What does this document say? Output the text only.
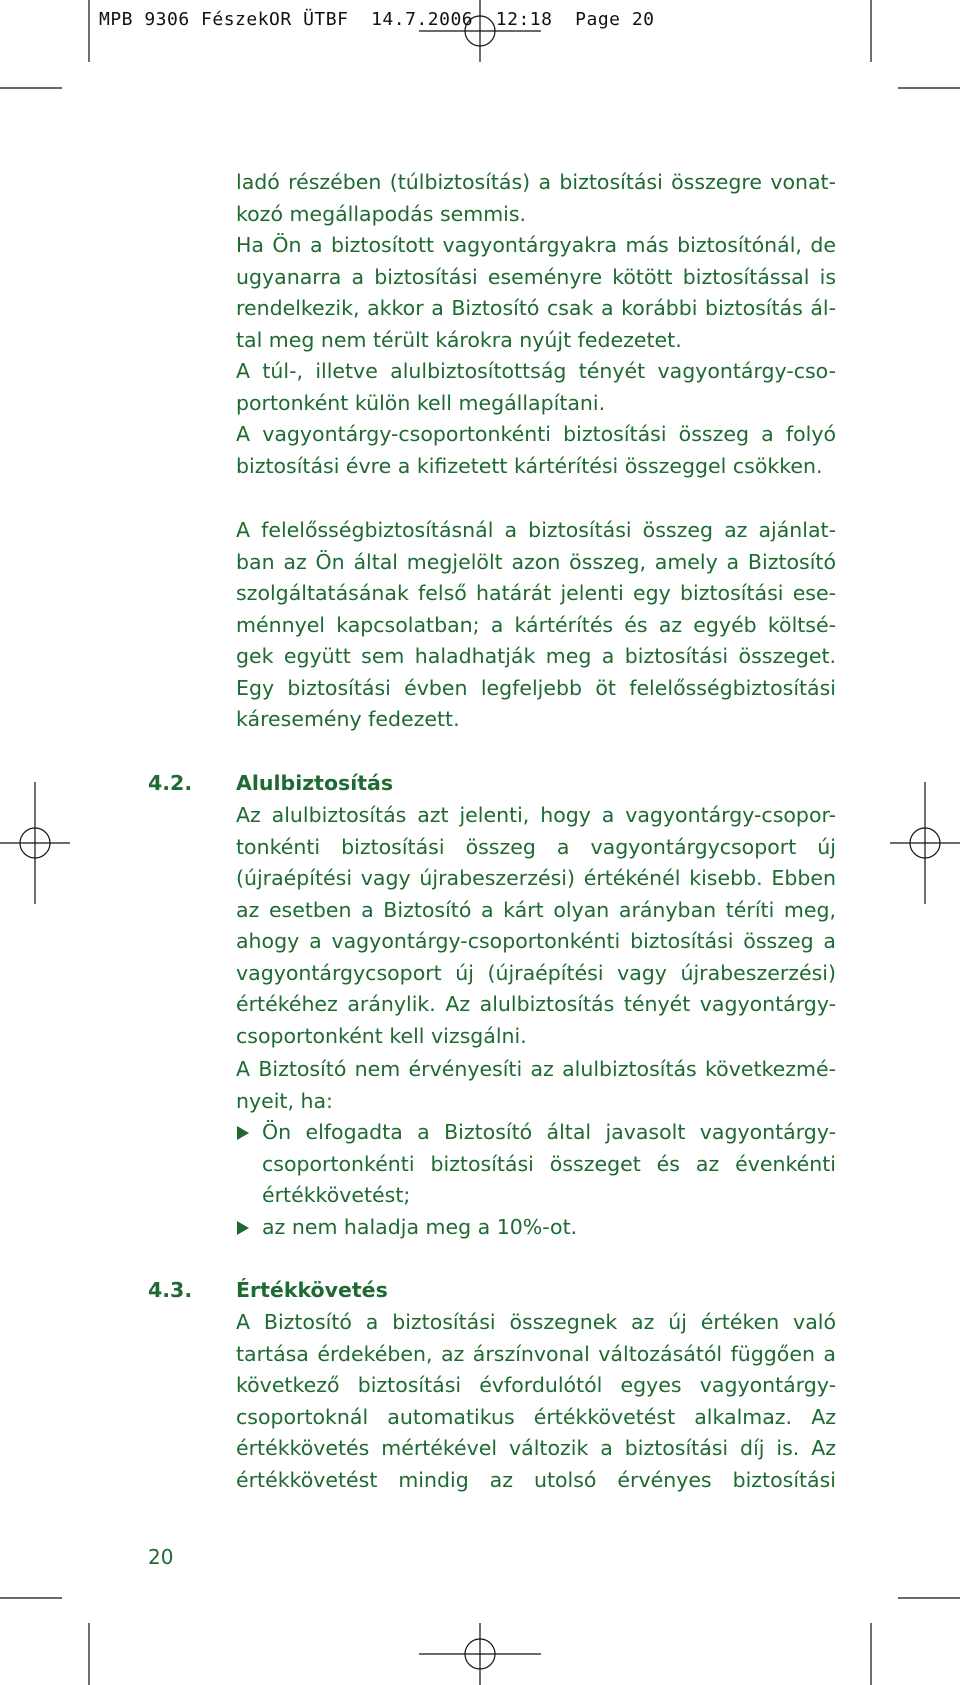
MPB 9306 FészekOR ÜTBF  14.7.2006  12:18  Page 20
ladó részében (túlbiztosítás) a biztosítási összegre vonat-
kozó megállapodás semmis.
Ha Ön a biztosított vagyontárgyakra más biztosítónál, de
ugyanarra a biztosítási eseményre kötött biztosítással is
rendelkezik, akkor a Biztosító csak a korábbi biztosítás ál-
tal meg nem térült károkra nyújt fedezetet.
A túl-, illetve alulbiztosítottság tényét vagyontárgy-cso-
portonként külön kell megállapítani.
A vagyontárgy-csoportonkénti biztosítási összeg a folyó
biztosítási évre a kifizetett kártérítési összeggel csökken.
A felelősségbiztosításnál a biztosítási összeg az ajánlat-
ban az Ön által megjelölt azon összeg, amely a Biztosító
szolgáltatásának felső határát jelenti egy biztosítási ese-
ménnyel kapcsolatban; a kártérítés és az egyéb költsé-
gek együtt sem haladhatják meg a biztosítási összeget.
Egy biztosítási évben legfeljebb öt felelősségbiztosítási
káresemény fedezett.
4.2. Alulbiztosítás
Az alulbiztosítás azt jelenti, hogy a vagyontárgy-csopor-
tonkénti biztosítási összeg a vagyontárgycsoport új
(újraépítési vagy újrabeszerzési) értékénél kisebb. Ebben
az esetben a Biztosító a kárt olyan arányban téríti meg,
ahogy a vagyontárgy-csoportonkénti biztosítási összeg a
vagyontárgycsoport új (újraépítési vagy újrabeszerzési)
értékéhez aránylik. Az alulbiztosítás tényét vagyontárgy-
csoportonként kell vizsgálni.
A Biztosító nem érvényesíti az alulbiztosítás következmé-
nyeit, ha:
Ön elfogadta a Biztosító által javasolt vagyontárgy-
csoportonkénti biztosítási összeget és az évenkénti
értékkövetést;
az nem haladja meg a 10%-ot.
4.3. Értékkövetés
A Biztosító a biztosítási összegnek az új értéken való
tartása érdekében, az árszínvonal változásától függően a
következő biztosítási évfordulótól egyes vagyontárgy-
csoportoknál automatikus értékkövetést alkalmaz. Az
értékkövetés mértékével változik a biztosítási díj is. Az
értékkövetést mindig az utolsó érvényes biztosítási
20
